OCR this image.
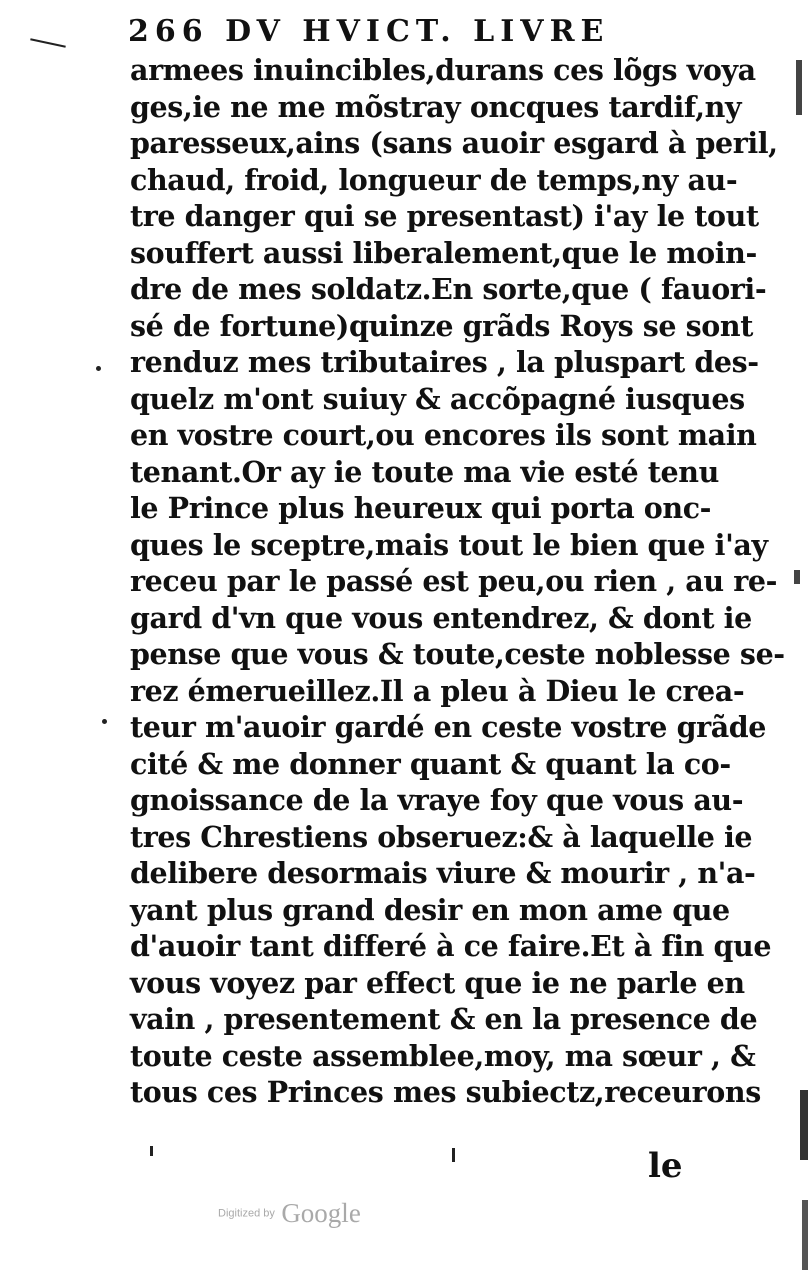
266 DV HVICT. LIVRE
armees inuincibles,durans ces lõgs voya
ges,ie ne me mõstray oncques tardif,ny
paresseux,ains (sans auoir esgard à peril,
chaud, froid, longueur de temps,ny au-
tre danger qui se presentast) i'ay le tout
souffert aussi liberalement,que le moin-
dre de mes soldatz.En sorte,que ( fauori-
sé de fortune)quinze grãds Roys se sont
renduz mes tributaires , la pluspart des-
quelz m'ont suiuy & accõpagné iusques
en vostre court,ou encores ils sont main
tenant.Or ay ie toute ma vie esté tenu
le Prince plus heureux qui porta onc-
ques le sceptre,mais tout le bien que i'ay
receu par le passé est peu,ou rien , au re-
gard d'vn que vous entendrez, & dont ie
pense que vous & toute,ceste noblesse se-
rez émerueillez.Il a pleu à Dieu le crea-
teur m'auoir gardé en ceste vostre grãde
cité & me donner quant & quant la co-
gnoissance de la vraye foy que vous au-
tres Chrestiens obseruez:& à laquelle ie
delibere desormais viure & mourir , n'a-
yant plus grand desir en mon ame que
d'auoir tant differé à ce faire.Et à fin que
vous voyez par effect que ie ne parle en
vain , presentement & en la presence de
toute ceste assemblee,moy, ma sœur , &
tous ces Princes mes subiectz,receurons
le
Digitized by Google
